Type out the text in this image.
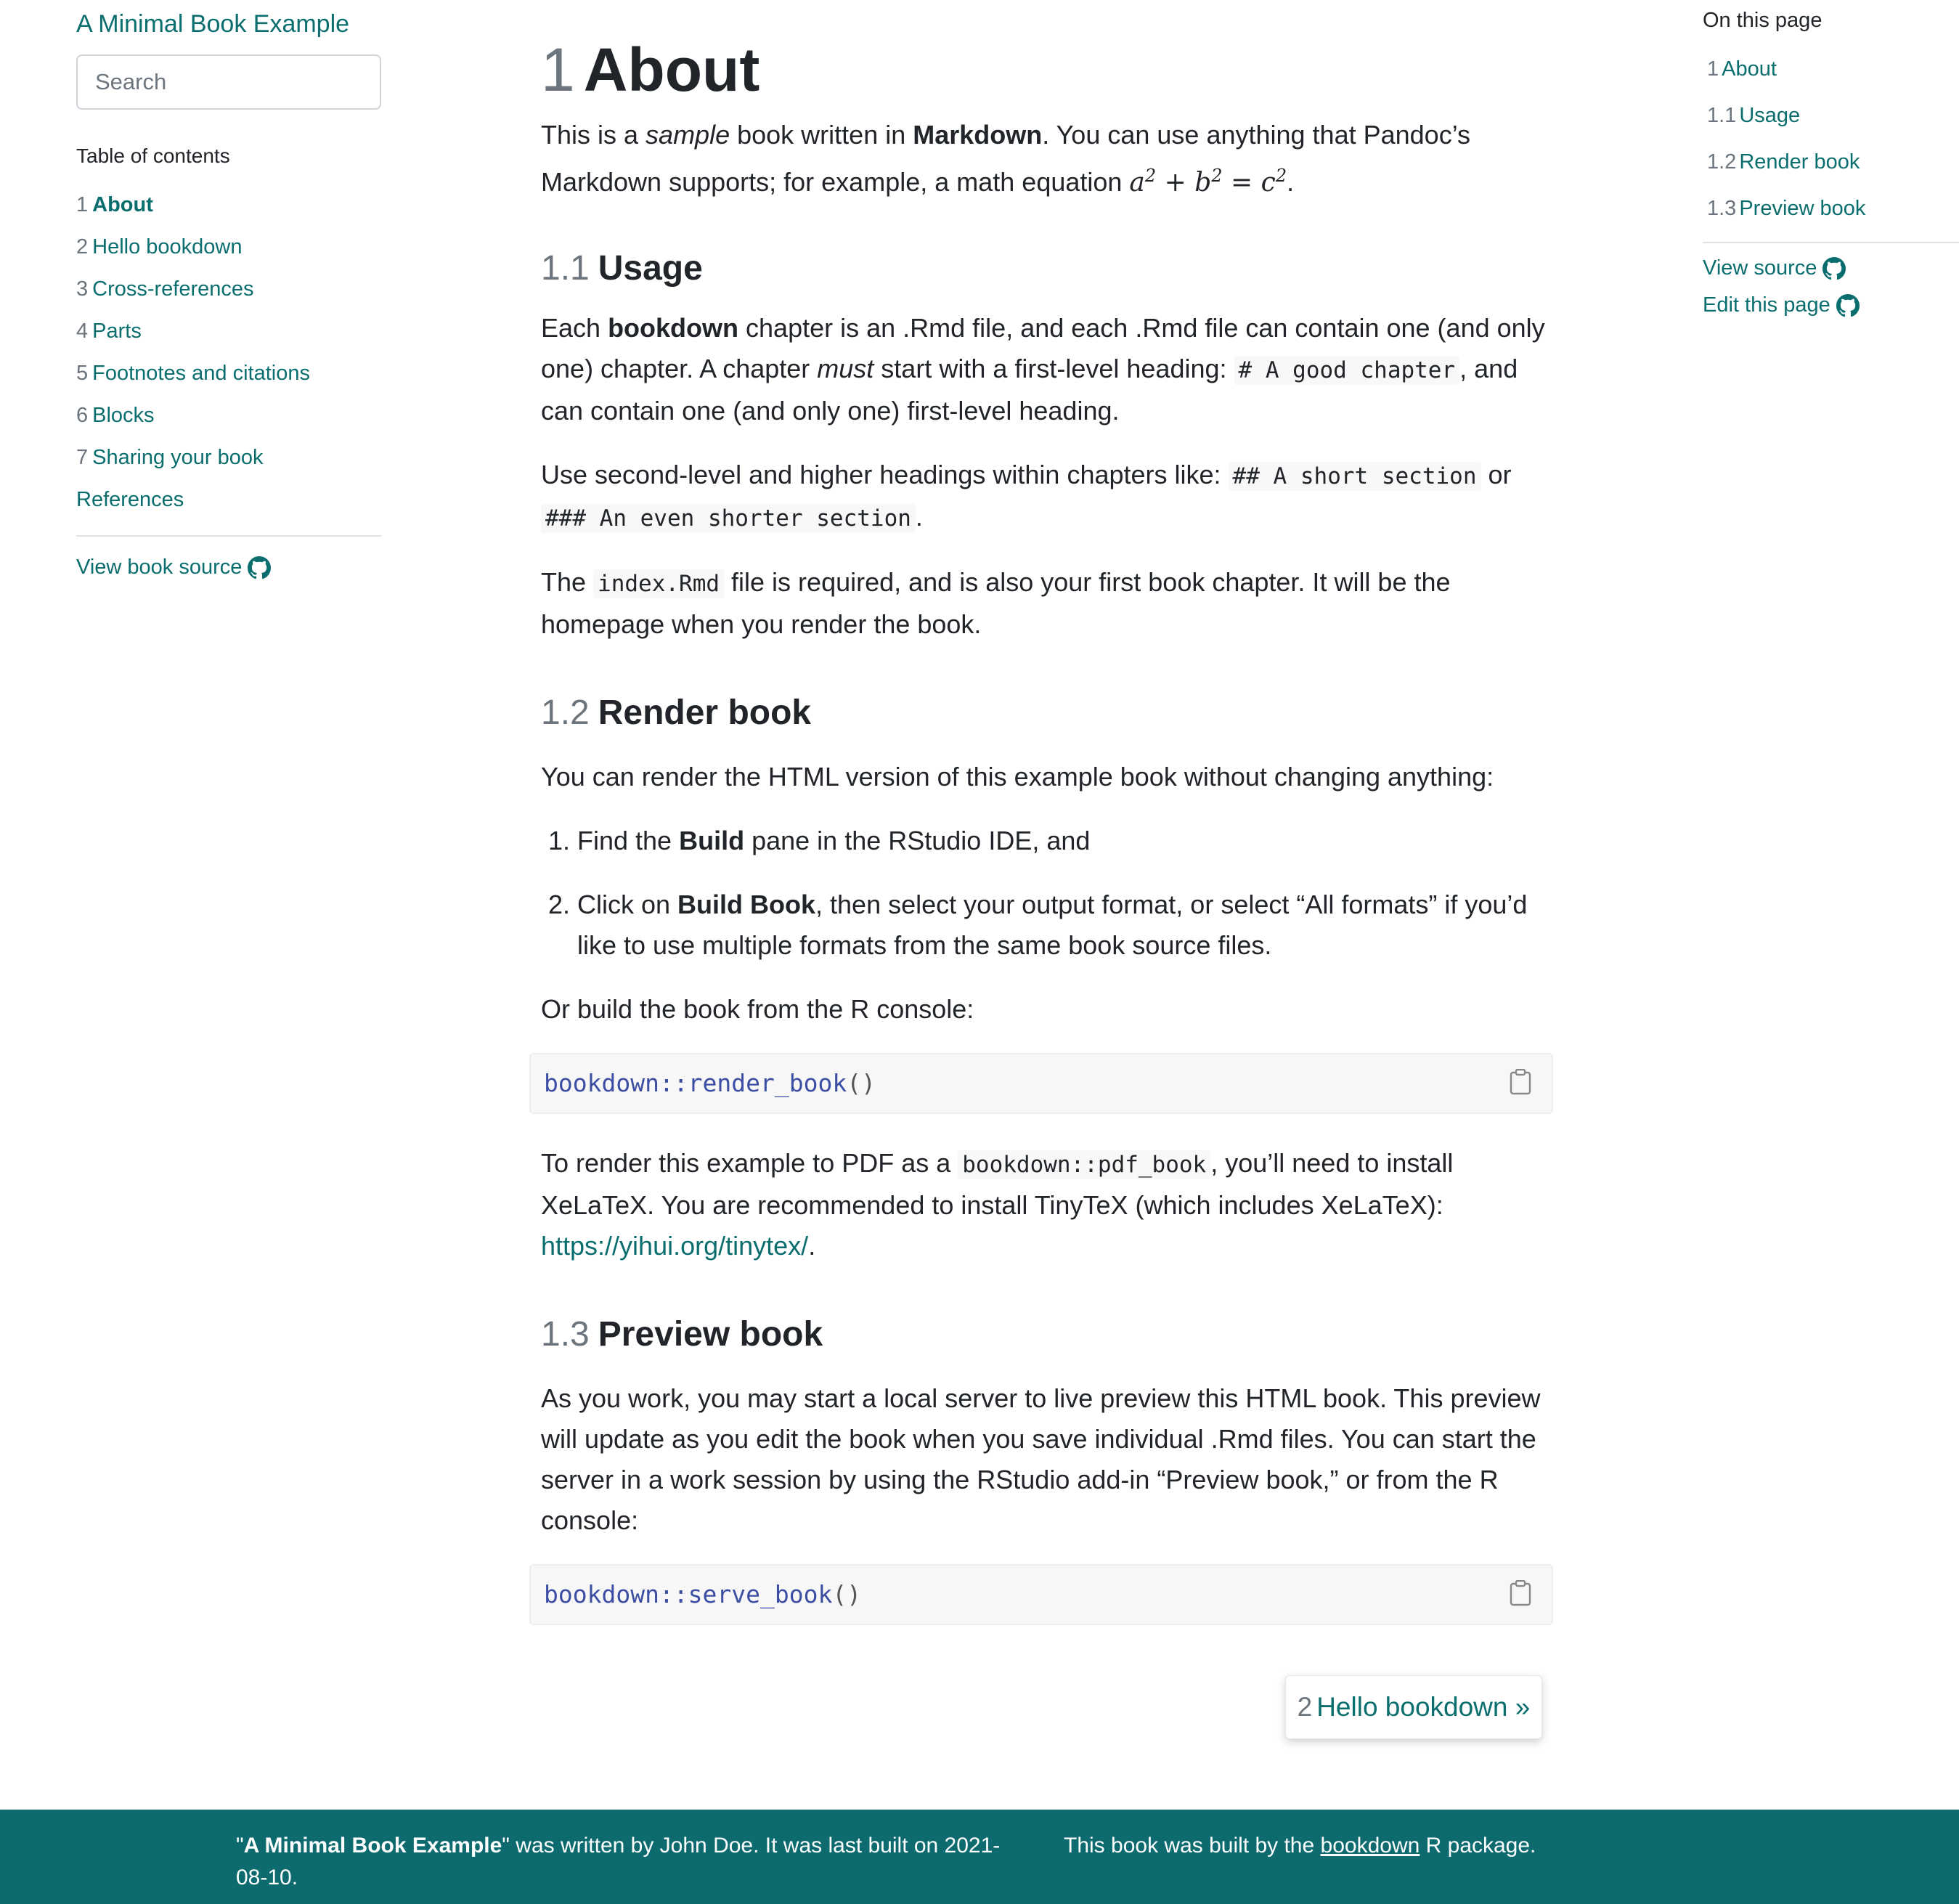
A Minimal Book Example
Search
Table of contents
1 About
2 Hello bookdown
3 Cross-references
4 Parts
5 Footnotes and citations
6 Blocks
7 Sharing your book
References
View book source
1 About

This is a sample book written in Markdown. You can use anything that Pandoc’s Markdown supports; for example, a math equation $a^2 + b^2 = c^2$.

1.1 Usage

Each bookdown chapter is an .Rmd file, and each .Rmd file can contain one (and only one) chapter. A chapter must start with a first-level heading: # A good chapter , and can contain one (and only one) first-level heading.

Use second-level and higher headings within chapters like: ## A short section or ### An even shorter section .

The index.Rmd file is required, and is also your first book chapter. It will be the homepage when you render the book.

1.2 Render book

You can render the HTML version of this example book without changing anything:

1. Find the Build pane in the RStudio IDE, and
2. Click on Build Book, then select your output format, or select “All formats” if you’d like to use multiple formats from the same book source files.

Or build the book from the R console:

bookdown::render_book()

To render this example to PDF as a bookdown::pdf_book , you’ll need to install XeLaTeX. You are recommended to install TinyTeX (which includes XeLaTeX): https://yihui.org/tinytex/.

1.3 Preview book

As you work, you may start a local server to live preview this HTML book. This preview will update as you edit the book when you save individual .Rmd files. You can start the server in a work session by using the RStudio add-in “Preview book,” or from the R console:

bookdown::serve_book()
2 Hello bookdown »
On this page
1 About
1.1 Usage
1.2 Render book
1.3 Preview book
View source

Edit this page
"A Minimal Book Example" was written by John Doe. It was last built on 2021-08-10.
This book was built by the bookdown R package.
